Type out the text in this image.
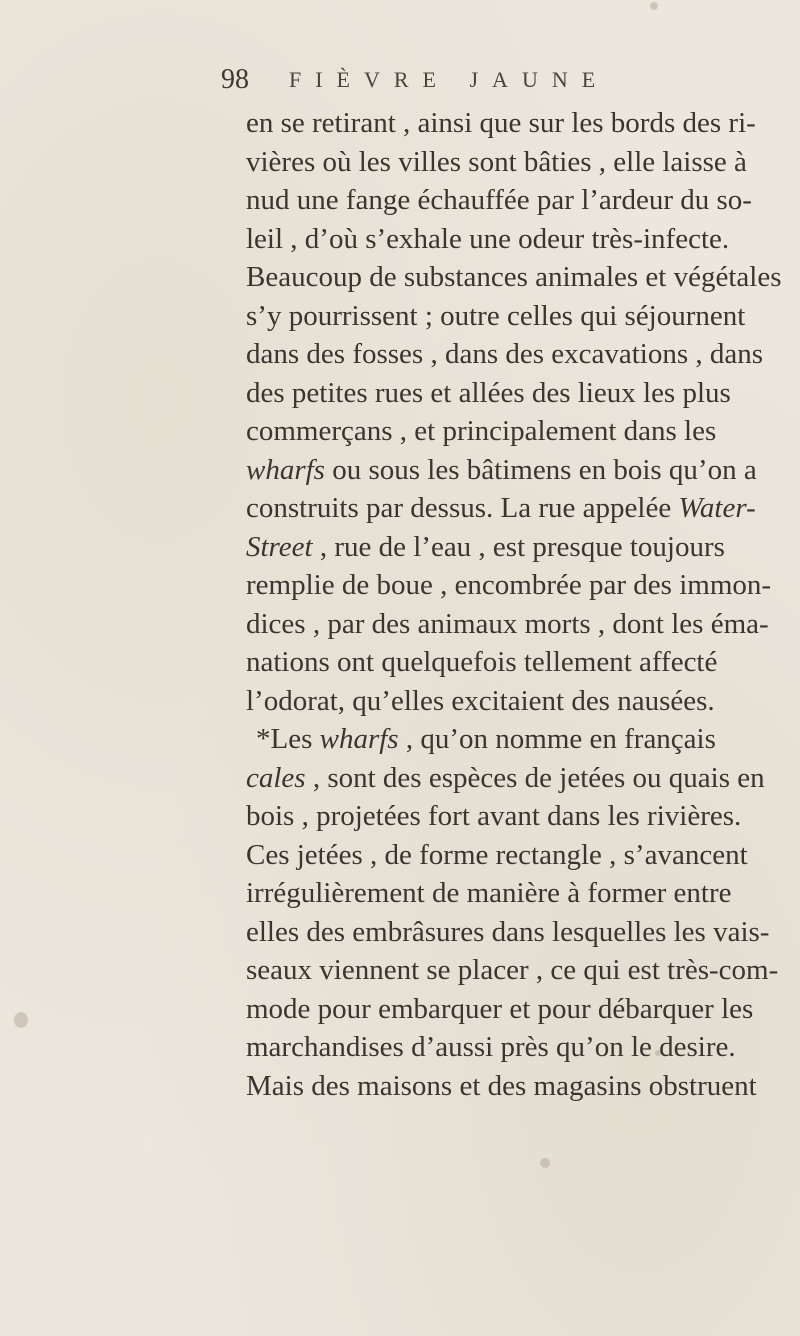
98 FIÈVRE JAUNE
en se retirant , ainsi que sur les bords des ri-
vières où les villes sont bâties , elle laisse à
nud une fange échauffée par l’ardeur du so-
leil , d’où s’exhale une odeur très-infecte.
Beaucoup de substances animales et végétales
s’y pourrissent ; outre celles qui séjournent
dans des fosses , dans des excavations , dans
des petites rues et allées des lieux les plus
commerçans , et principalement dans les
wharfs ou sous les bâtimens en bois qu’on a
construits par dessus. La rue appelée Water-
Street , rue de l’eau , est presque toujours
remplie de boue , encombrée par des immon-
dices , par des animaux morts , dont les éma-
nations ont quelquefois tellement affecté
l’odorat, qu’elles excitaient des nausées.
*Les wharfs , qu’on nomme en français
cales , sont des espèces de jetées ou quais en
bois , projetées fort avant dans les rivières.
Ces jetées , de forme rectangle , s’avancent
irrégulièrement de manière à former entre
elles des embrâsures dans lesquelles les vais-
seaux viennent se placer , ce qui est très-com-
mode pour embarquer et pour débarquer les
marchandises d’aussi près qu’on le desire.
Mais des maisons et des magasins obstruent
